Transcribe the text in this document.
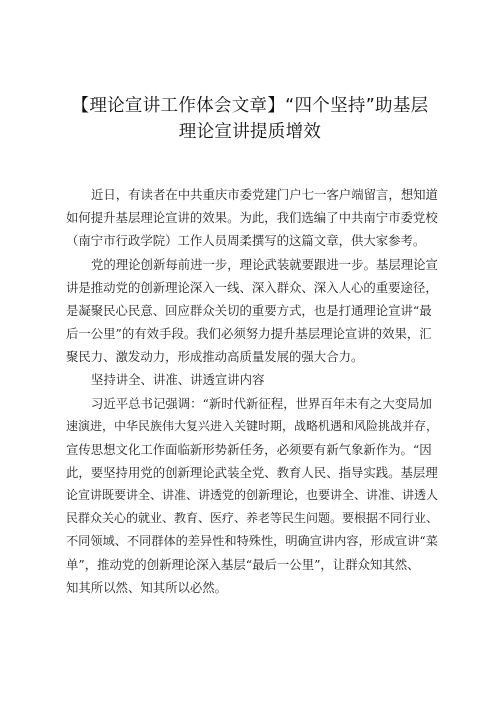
【理论宣讲工作体会文章】“四个坚持”助基层
理论宣讲提质增效
近日，有读者在中共重庆市委党建门户七一客户端留言，想知道
如何提升基层理论宣讲的效果。为此，我们选编了中共南宁市委党校
（南宁市行政学院）工作人员周柔撰写的这篇文章，供大家参考。
党的理论创新每前进一步，理论武装就要跟进一步。基层理论宣
讲是推动党的创新理论深入一线、深入群众、深入人心的重要途径，
是凝聚民心民意、回应群众关切的重要方式，也是打通理论宣讲“最
后一公里”的有效手段。我们必须努力提升基层理论宣讲的效果，汇
聚民力、激发动力，形成推动高质量发展的强大合力。
坚持讲全、讲准、讲透宣讲内容
习近平总书记强调：“新时代新征程，世界百年未有之大变局加
速演进，中华民族伟大复兴进入关键时期，战略机遇和风险挑战并存，
宣传思想文化工作面临新形势新任务，必须要有新气象新作为。“因
此，要坚持用党的创新理论武装全党、教育人民、指导实践。基层理
论宣讲既要讲全、讲准、讲透党的创新理论，也要讲全、讲准、讲透人
民群众关心的就业、教育、医疗、养老等民生问题。要根据不同行业、
不同领域、不同群体的差异性和特殊性，明确宣讲内容，形成宣讲“菜
单”，推动党的创新理论深入基层“最后一公里”，让群众知其然、
知其所以然、知其所以必然。
